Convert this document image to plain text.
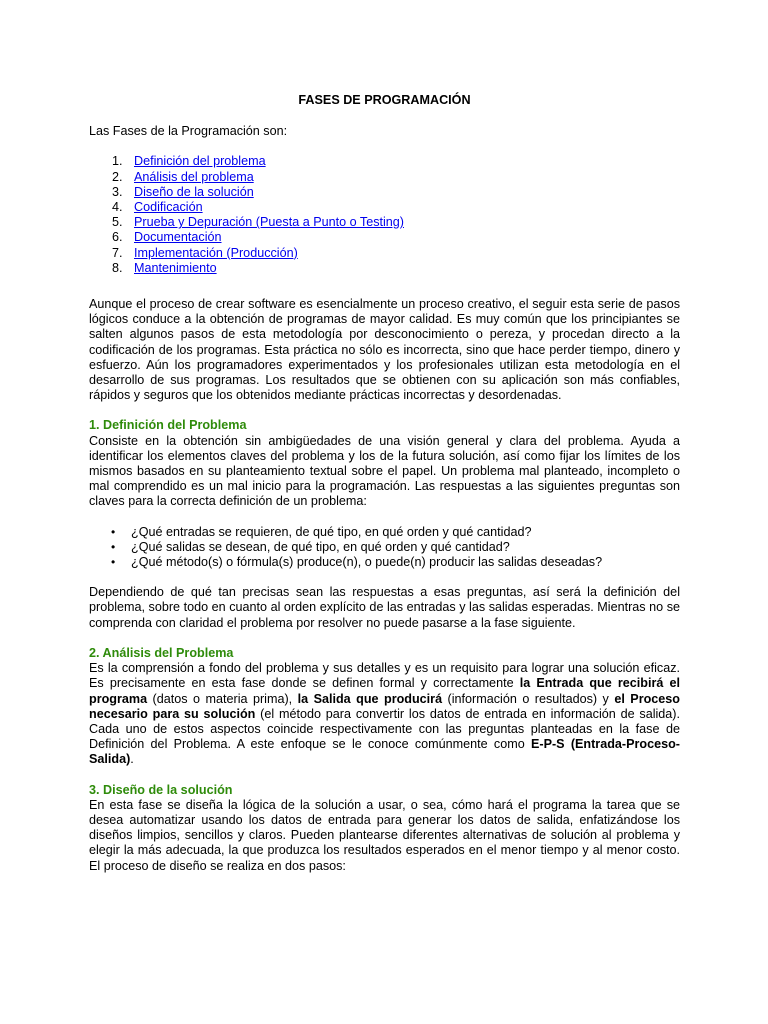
FASES DE PROGRAMACIÓN

Las Fases de la Programación son:

1. Definición del problema
2. Análisis del problema
3. Diseño de la solución
4. Codificación
5. Prueba y Depuración (Puesta a Punto o Testing)
6. Documentación
7. Implementación (Producción)
8. Mantenimiento

Aunque el proceso de crear software es esencialmente un proceso creativo, el seguir esta serie de pasos lógicos conduce a la obtención de programas de mayor calidad. Es muy común que los principiantes se salten algunos pasos de esta metodología por desconocimiento o pereza, y procedan directo a la codificación de los programas. Esta práctica no sólo es incorrecta, sino que hace perder tiempo, dinero y esfuerzo. Aún los programadores experimentados y los profesionales utilizan esta metodología en el desarrollo de sus programas. Los resultados que se obtienen con su aplicación son más confiables, rápidos y seguros que los obtenidos mediante prácticas incorrectas y desordenadas.

1. Definición del Problema

Consiste en la obtención sin ambigüedades de una visión general y clara del problema. Ayuda a identificar los elementos claves del problema y los de la futura solución, así como fijar los límites de los mismos basados en su planteamiento textual sobre el papel. Un problema mal planteado, incompleto o mal comprendido es un mal inicio para la programación. Las respuestas a las siguientes preguntas son claves para la correcta definición de un problema:

• ¿Qué entradas se requieren, de qué tipo, en qué orden y qué cantidad?
• ¿Qué salidas se desean, de qué tipo, en qué orden y qué cantidad?
• ¿Qué método(s) o fórmula(s) produce(n), o puede(n) producir las salidas deseadas?

Dependiendo de qué tan precisas sean las respuestas a esas preguntas, así será la definición del problema, sobre todo en cuanto al orden explícito de las entradas y las salidas esperadas. Mientras no se comprenda con claridad el problema por resolver no puede pasarse a la fase siguiente.

2. Análisis del Problema

Es la comprensión a fondo del problema y sus detalles y es un requisito para lograr una solución eficaz. Es precisamente en esta fase donde se definen formal y correctamente la Entrada que recibirá el programa (datos o materia prima), la Salida que producirá (información o resultados) y el Proceso necesario para su solución (el método para convertir los datos de entrada en información de salida). Cada uno de estos aspectos coincide respectivamente con las preguntas planteadas en la fase de Definición del Problema. A este enfoque se le conoce comúnmente como E-P-S (Entrada-Proceso-Salida).

3. Diseño de la solución

En esta fase se diseña la lógica de la solución a usar, o sea, cómo hará el programa la tarea que se desea automatizar usando los datos de entrada para generar los datos de salida, enfatizándose los diseños limpios, sencillos y claros. Pueden plantearse diferentes alternativas de solución al problema y elegir la más adecuada, la que produzca los resultados esperados en el menor tiempo y al menor costo. El proceso de diseño se realiza en dos pasos:
